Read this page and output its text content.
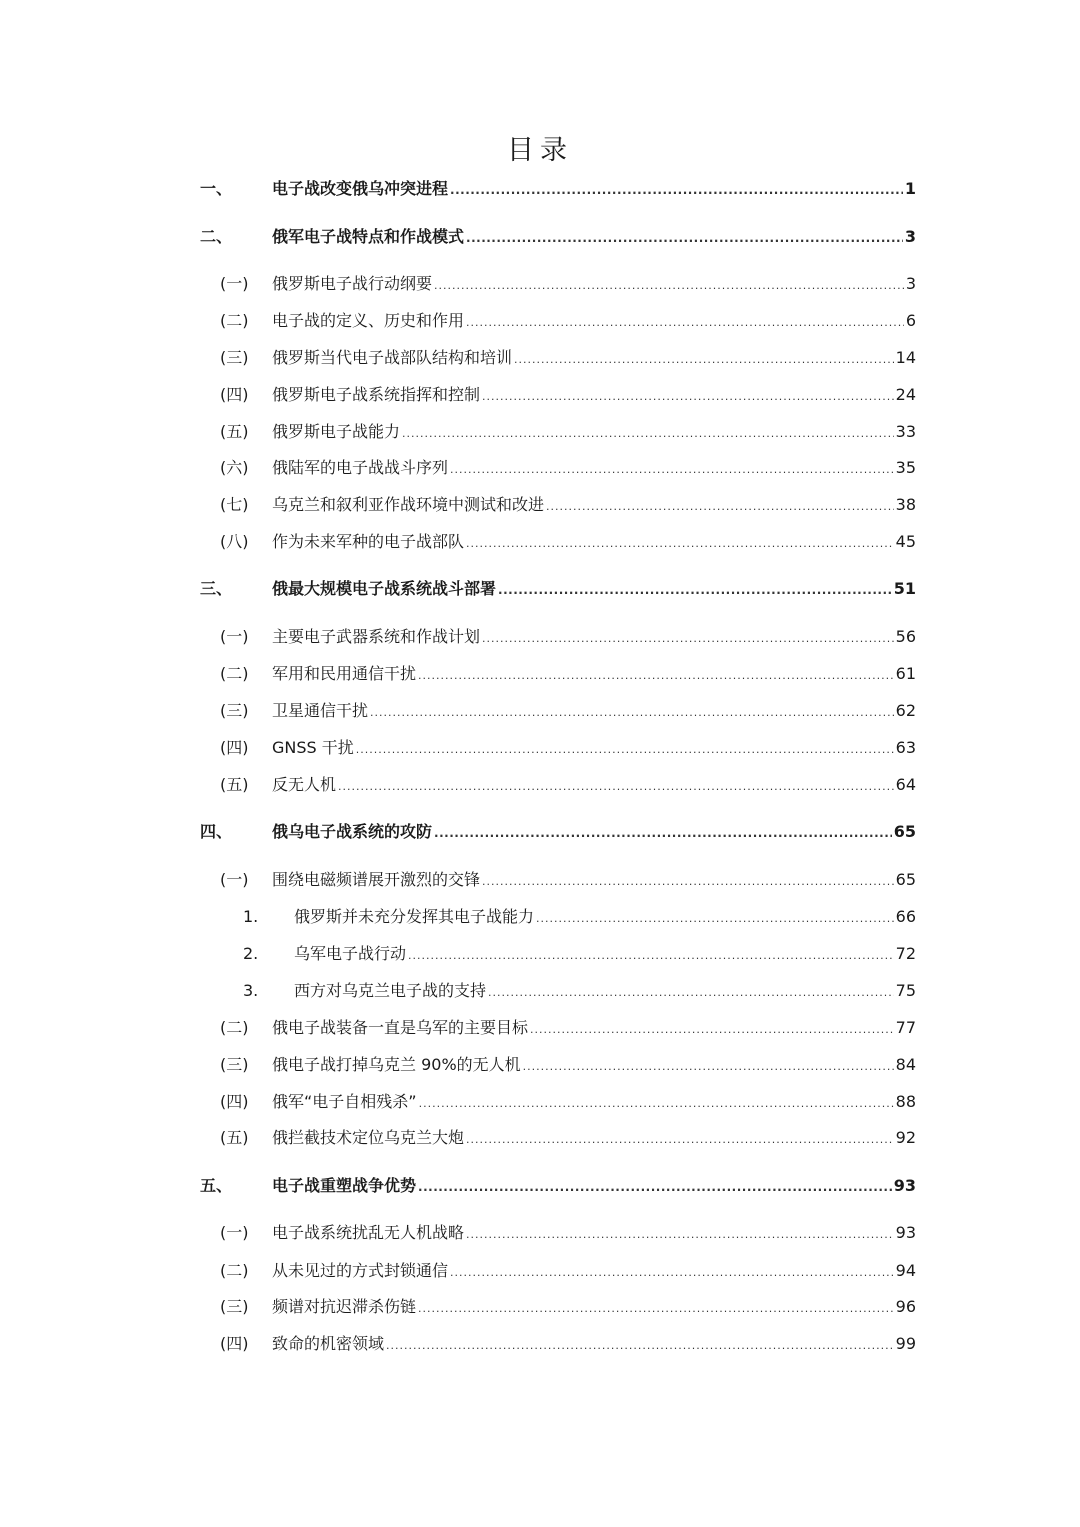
目录
一、 电子战改变俄乌冲突进程 .....	1
二、 俄军电子战特点和作战模式 .....	3
(一) 俄罗斯电子战行动纲要 .....	3
(二) 电子战的定义、历史和作用 .....	6
(三) 俄罗斯当代电子战部队结构和培训 .....	14
(四) 俄罗斯电子战系统指挥和控制 .....	24
(五) 俄罗斯电子战能力 .....	33
(六) 俄陆军的电子战战斗序列 .....	35
(七) 乌克兰和叙利亚作战环境中测试和改进 .....	38
(八) 作为未来军种的电子战部队 .....	45
三、 俄最大规模电子战系统战斗部署 .....	51
(一) 主要电子武器系统和作战计划 .....	56
(二) 军用和民用通信干扰 .....	61
(三) 卫星通信干扰 .....	62
(四) GNSS 干扰 .....	63
(五) 反无人机 .....	64
四、 俄乌电子战系统的攻防 .....	65
(一) 围绕电磁频谱展开激烈的交锋 .....	65
1. 俄罗斯并未充分发挥其电子战能力 .....	66
2. 乌军电子战行动 .....	72
3. 西方对乌克兰电子战的支持 .....	75
(二) 俄电子战装备一直是乌军的主要目标 .....	77
(三) 俄电子战打掉乌克兰 90%的无人机 .....	84
(四) 俄军“电子自相残杀” .....	88
(五) 俄拦截技术定位乌克兰大炮 .....	92
五、 电子战重塑战争优势 .....	93
(一) 电子战系统扰乱无人机战略 .....	93
(二) 从未见过的方式封锁通信 .....	94
(三) 频谱对抗迟滞杀伤链 .....	96
(四) 致命的机密领域 .....	99
